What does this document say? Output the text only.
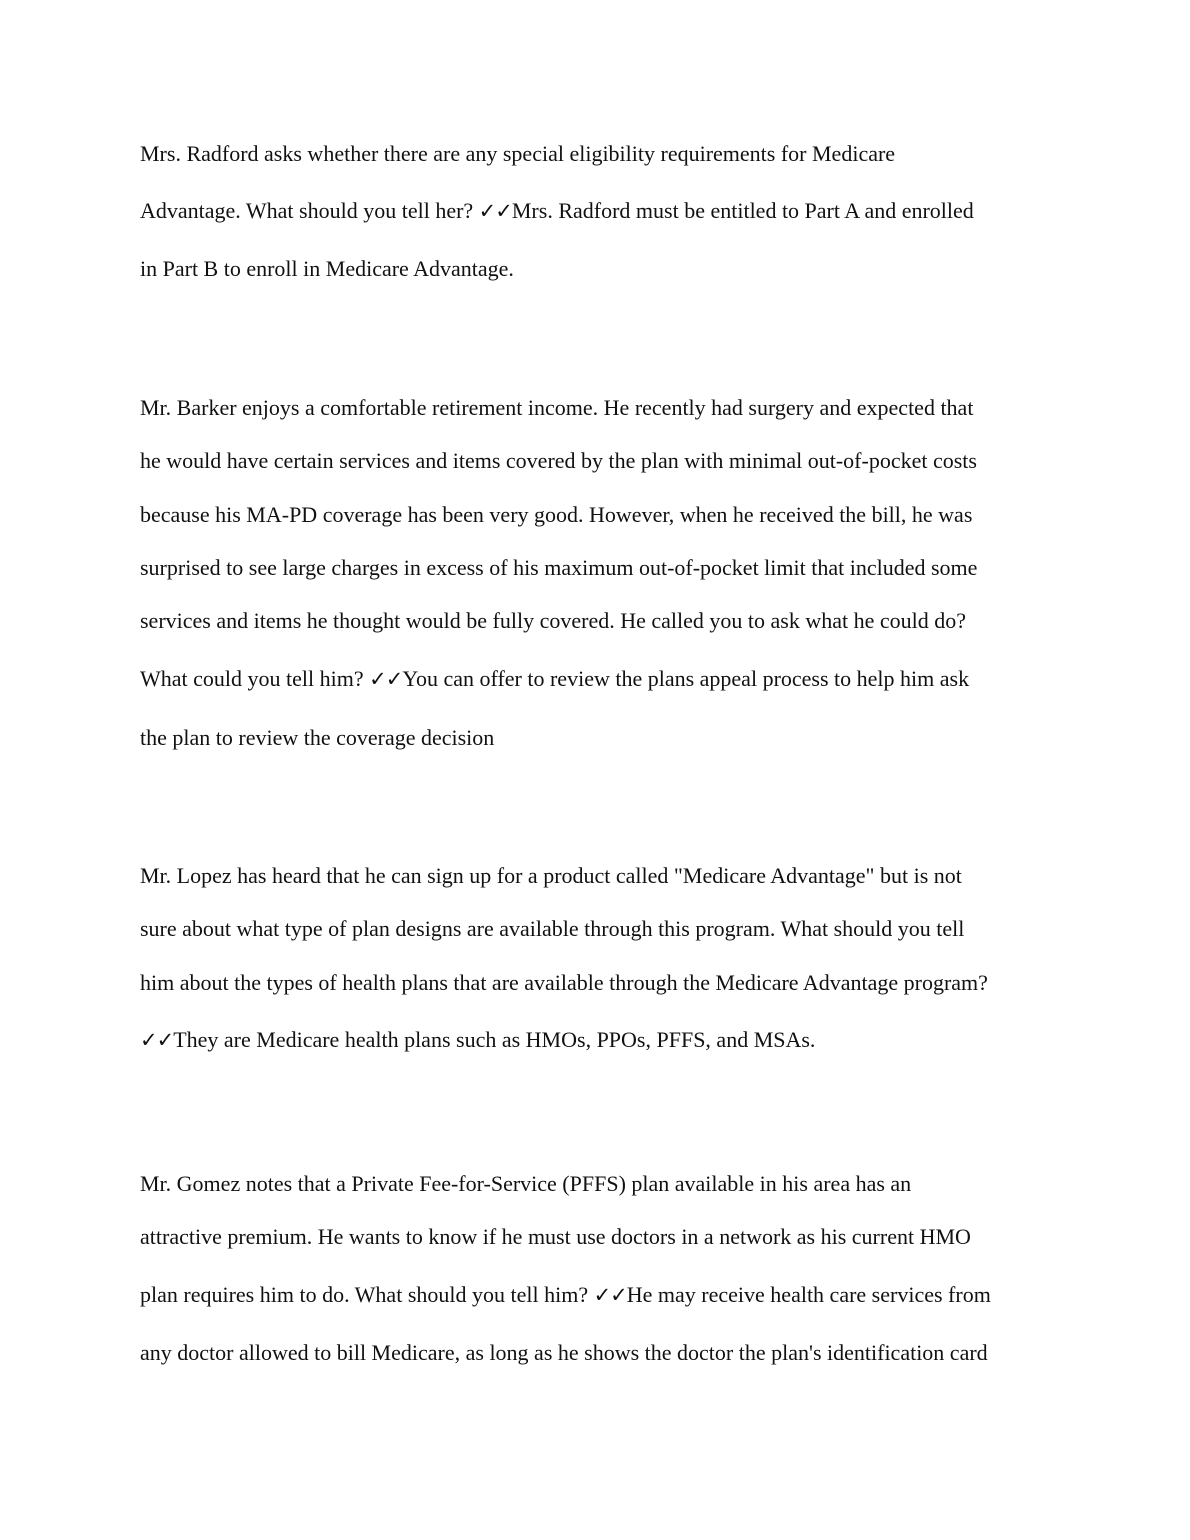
Mrs. Radford asks whether there are any special eligibility requirements for Medicare
Advantage. What should you tell her? ✓✓Mrs. Radford must be entitled to Part A and enrolled
in Part B to enroll in Medicare Advantage.
Mr. Barker enjoys a comfortable retirement income. He recently had surgery and expected that
he would have certain services and items covered by the plan with minimal out-of-pocket costs
because his MA-PD coverage has been very good. However, when he received the bill, he was
surprised to see large charges in excess of his maximum out-of-pocket limit that included some
services and items he thought would be fully covered. He called you to ask what he could do?
What could you tell him? ✓✓You can offer to review the plans appeal process to help him ask
the plan to review the coverage decision
Mr. Lopez has heard that he can sign up for a product called "Medicare Advantage" but is not
sure about what type of plan designs are available through this program. What should you tell
him about the types of health plans that are available through the Medicare Advantage program?
✓✓They are Medicare health plans such as HMOs, PPOs, PFFS, and MSAs.
Mr. Gomez notes that a Private Fee-for-Service (PFFS) plan available in his area has an
attractive premium. He wants to know if he must use doctors in a network as his current HMO
plan requires him to do. What should you tell him? ✓✓He may receive health care services from
any doctor allowed to bill Medicare, as long as he shows the doctor the plan's identification card
